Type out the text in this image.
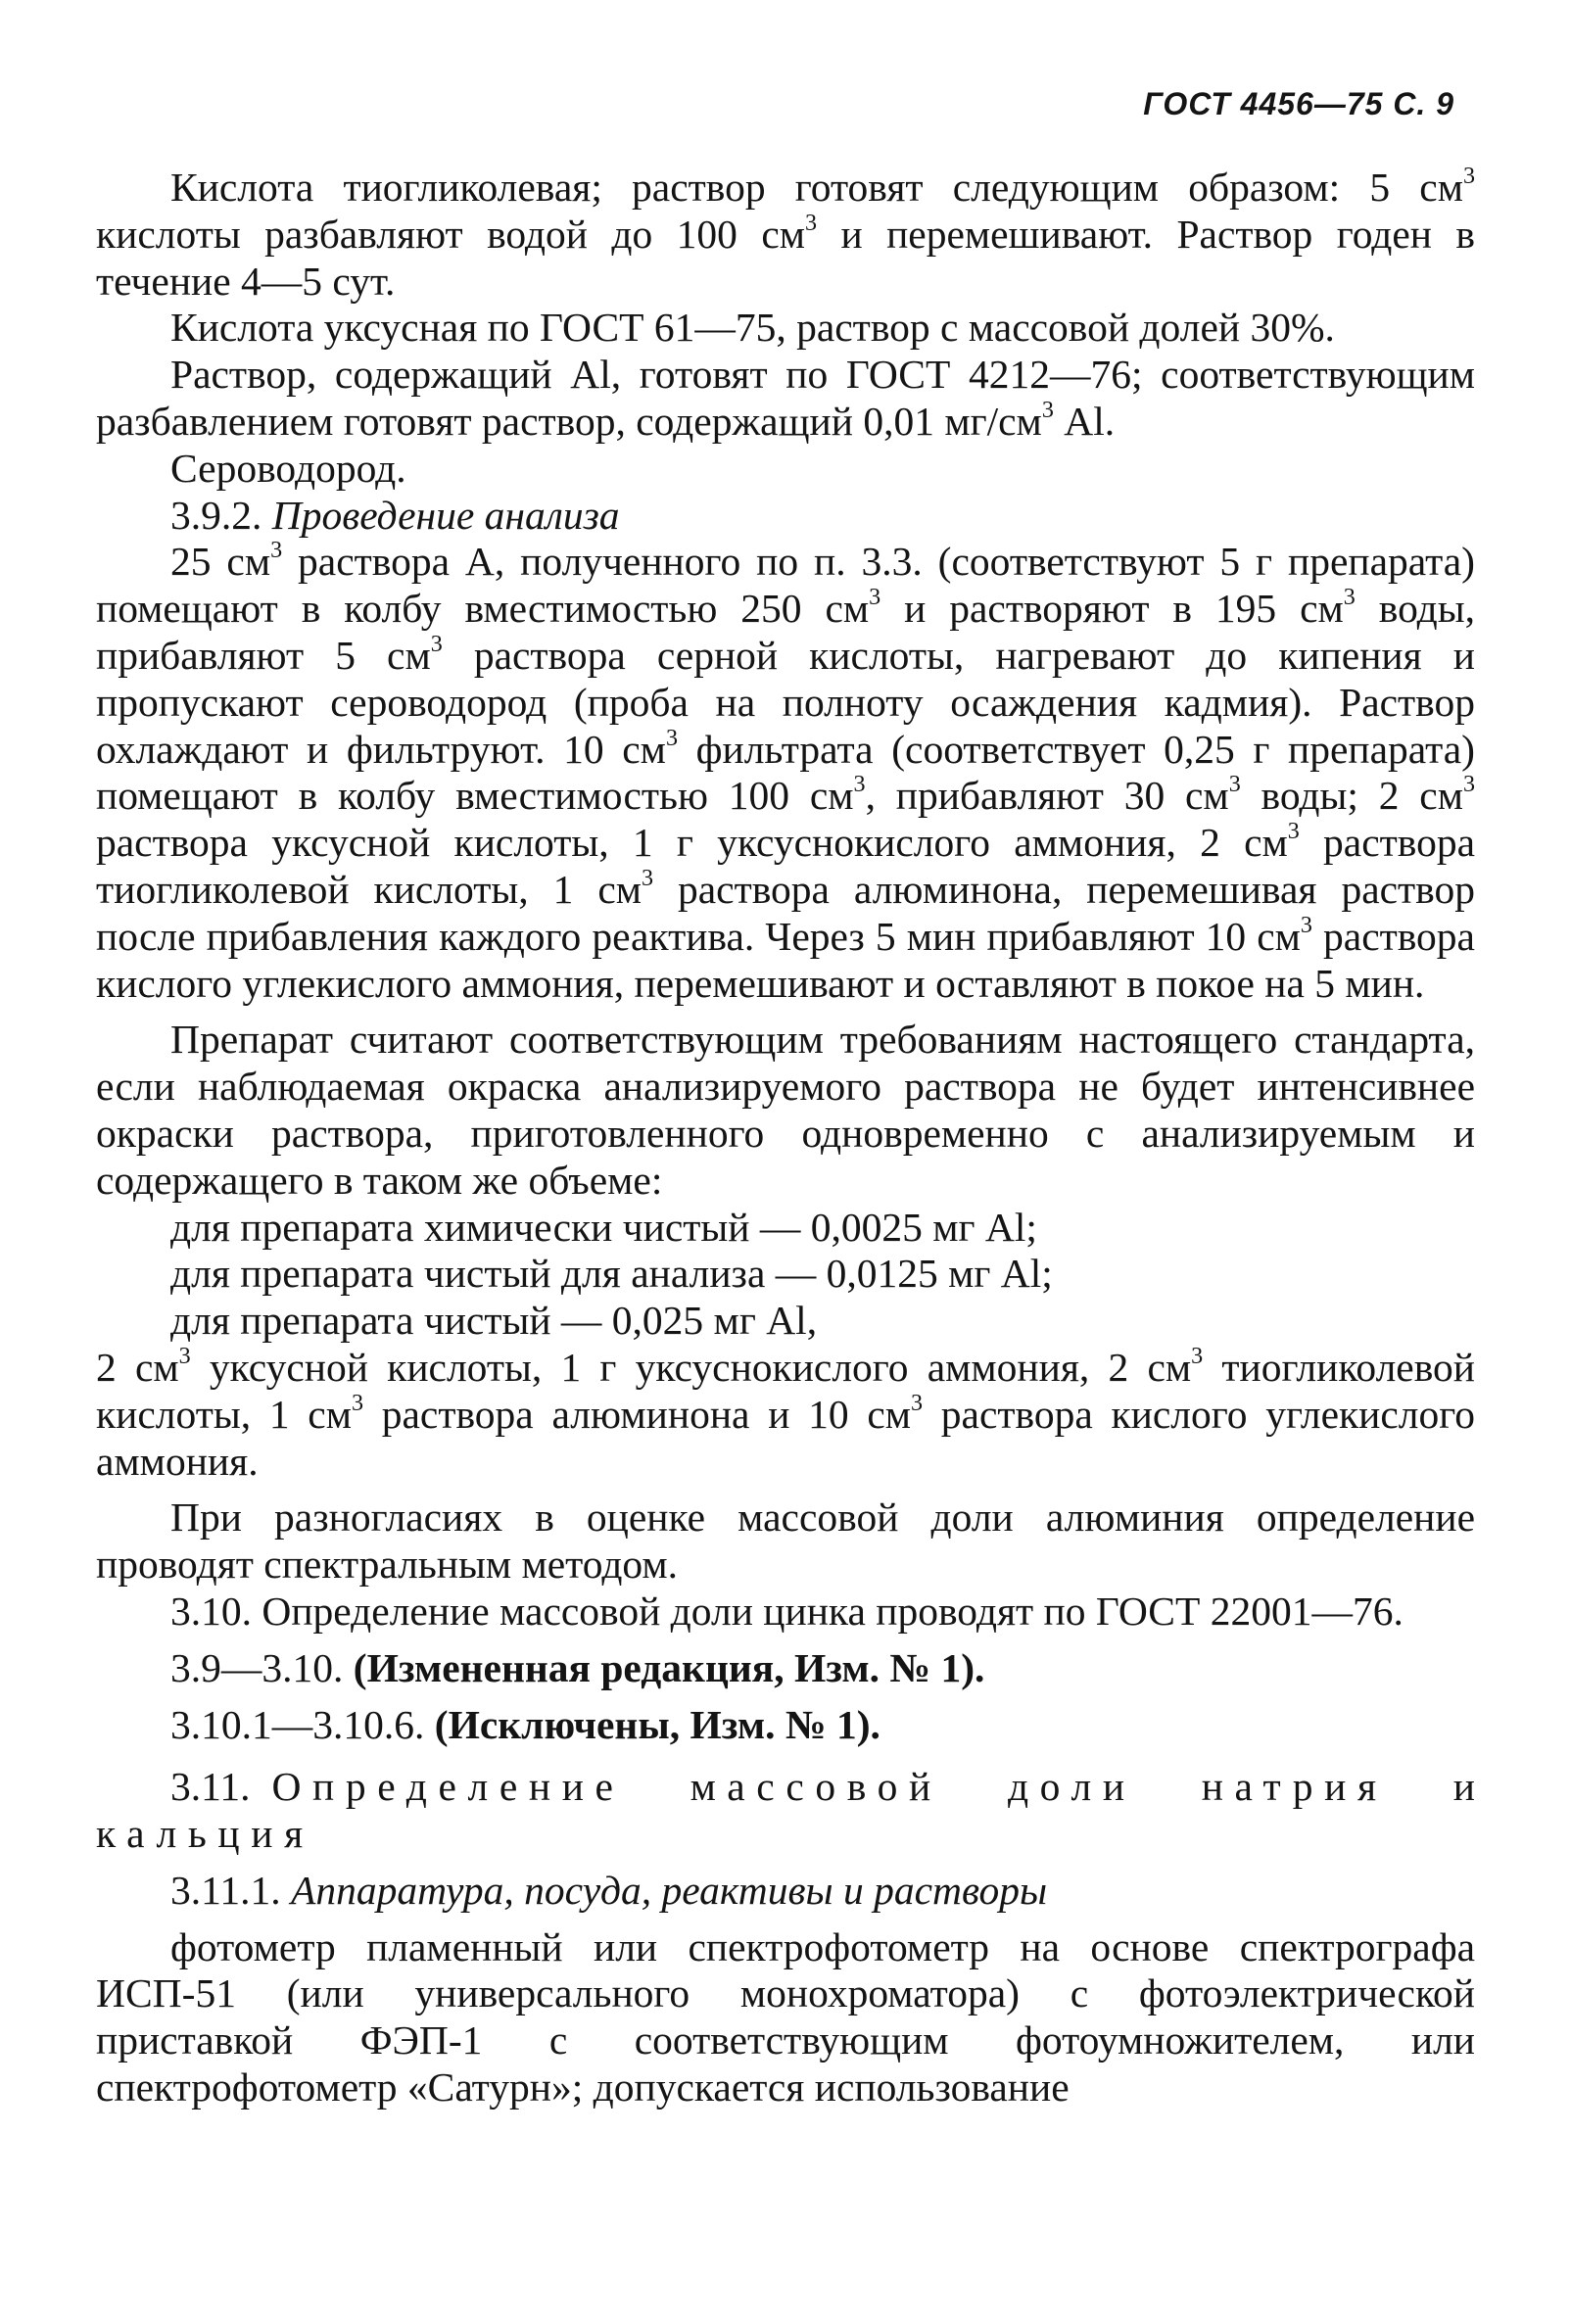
ГОСТ 4456—75 С. 9

Кислота тиогликолевая; раствор готовят следующим образом: 5 $см^3$ кислоты разбавляют водой до 100 $см^3$ и перемешивают. Раствор годен в течение 4—5 сут.

Кислота уксусная по ГОСТ 61—75, раствор с массовой долей 30%.

Раствор, содержащий Al, готовят по ГОСТ 4212—76; соответствующим разбавлением готовят раствор, содержащий 0,01 $мг/см^3$ Al.

Сероводород.

3.9.2. Проведение анализа

25 $см^3$ раствора А, полученного по п. 3.3. (соответствуют 5 г препарата) помещают в колбу вместимостью 250 $см^3$ и растворяют в 195 $см^3$ воды, прибавляют 5 $см^3$ раствора серной кислоты, нагревают до кипения и пропускают сероводород (проба на полноту осаждения кадмия). Раствор охлаждают и фильтруют. 10 $см^3$ фильтрата (соответствует 0,25 г препарата) помещают в колбу вместимостью 100 $см^3$, прибавляют 30 $см^3$ воды; 2 $см^3$ раствора уксусной кислоты, 1 г уксуснокислого аммония, 2 $см^3$ раствора тиогликолевой кислоты, 1 $см^3$ раствора алюминона, перемешивая раствор после прибавления каждого реактива. Через 5 мин прибавляют 10 $см^3$ раствора кислого углекислого аммония, перемешивают и оставляют в покое на 5 мин.

Препарат считают соответствующим требованиям настоящего стандарта, если наблюдаемая окраска анализируемого раствора не будет интенсивнее окраски раствора, приготовленного одновременно с анализируемым и содержащего в таком же объеме:

для препарата химически чистый — 0,0025 мг Al;

для препарата чистый для анализа — 0,0125 мг Al;

для препарата чистый — 0,025 мг Al,

2 $см^3$ уксусной кислоты, 1 г уксуснокислого аммония, 2 $см^3$ тиогликолевой кислоты, 1 $см^3$ раствора алюминона и 10 $см^3$ раствора кислого углекислого аммония.

При разногласиях в оценке массовой доли алюминия определение проводят спектральным методом.

3.10. Определение массовой доли цинка проводят по ГОСТ 22001—76.

3.9—3.10. (Измененная редакция, Изм. № 1).

3.10.1—3.10.6. (Исключены, Изм. № 1).

3.11. Определение массовой доли натрия и
кальция

3.11.1. Аппаратура, посуда, реактивы и растворы

фотометр пламенный или спектрофотометр на основе спектрографа ИСП-51 (или универсального монохроматора) с фотоэлектрической приставкой ФЭП-1 с соответствующим фотоумножителем, или спектрофотометр «Сатурн»; допускается использование
